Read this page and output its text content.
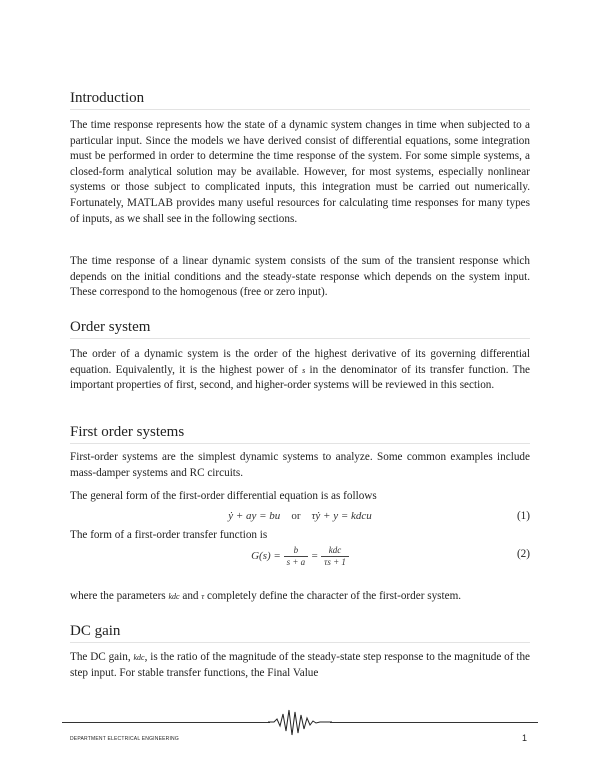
Introduction

The time response represents how the state of a dynamic system changes in time when subjected to a particular input. Since the models we have derived consist of differential equations, some integration must be performed in order to determine the time response of the system. For some simple systems, a closed-form analytical solution may be available. However, for most systems, especially nonlinear systems or those subject to complicated inputs, this integration must be carried out numerically. Fortunately, MATLAB provides many useful resources for calculating time responses for many types of inputs, as we shall see in the following sections.

The time response of a linear dynamic system consists of the sum of the transient response which depends on the initial conditions and the steady-state response which depends on the system input. These correspond to the homogenous (free or zero input).

Order system

The order of a dynamic system is the order of the highest derivative of its governing differential equation. Equivalently, it is the highest power of s in the denominator of its transfer function. The important properties of first, second, and higher-order systems will be reviewed in this section.

First order systems

First-order systems are the simplest dynamic systems to analyze. Some common examples include mass-damper systems and RC circuits.

The general form of the first-order differential equation is as follows

ẏ + ay = bu or τẏ + y = kdcu	(1)

The form of a first-order transfer function is

$G(s) = \frac{b}{s + a} = \frac{\text{kdc}}{\tau s + 1}$	(2)

where the parameters kdc and τ completely define the character of the first-order system.

DC gain

The DC gain, kdc, is the ratio of the magnitude of the steady-state step response to the magnitude of the step input. For stable transfer functions, the Final Value

DEPARTMENT ELECTRICAL ENGINEERING	1
